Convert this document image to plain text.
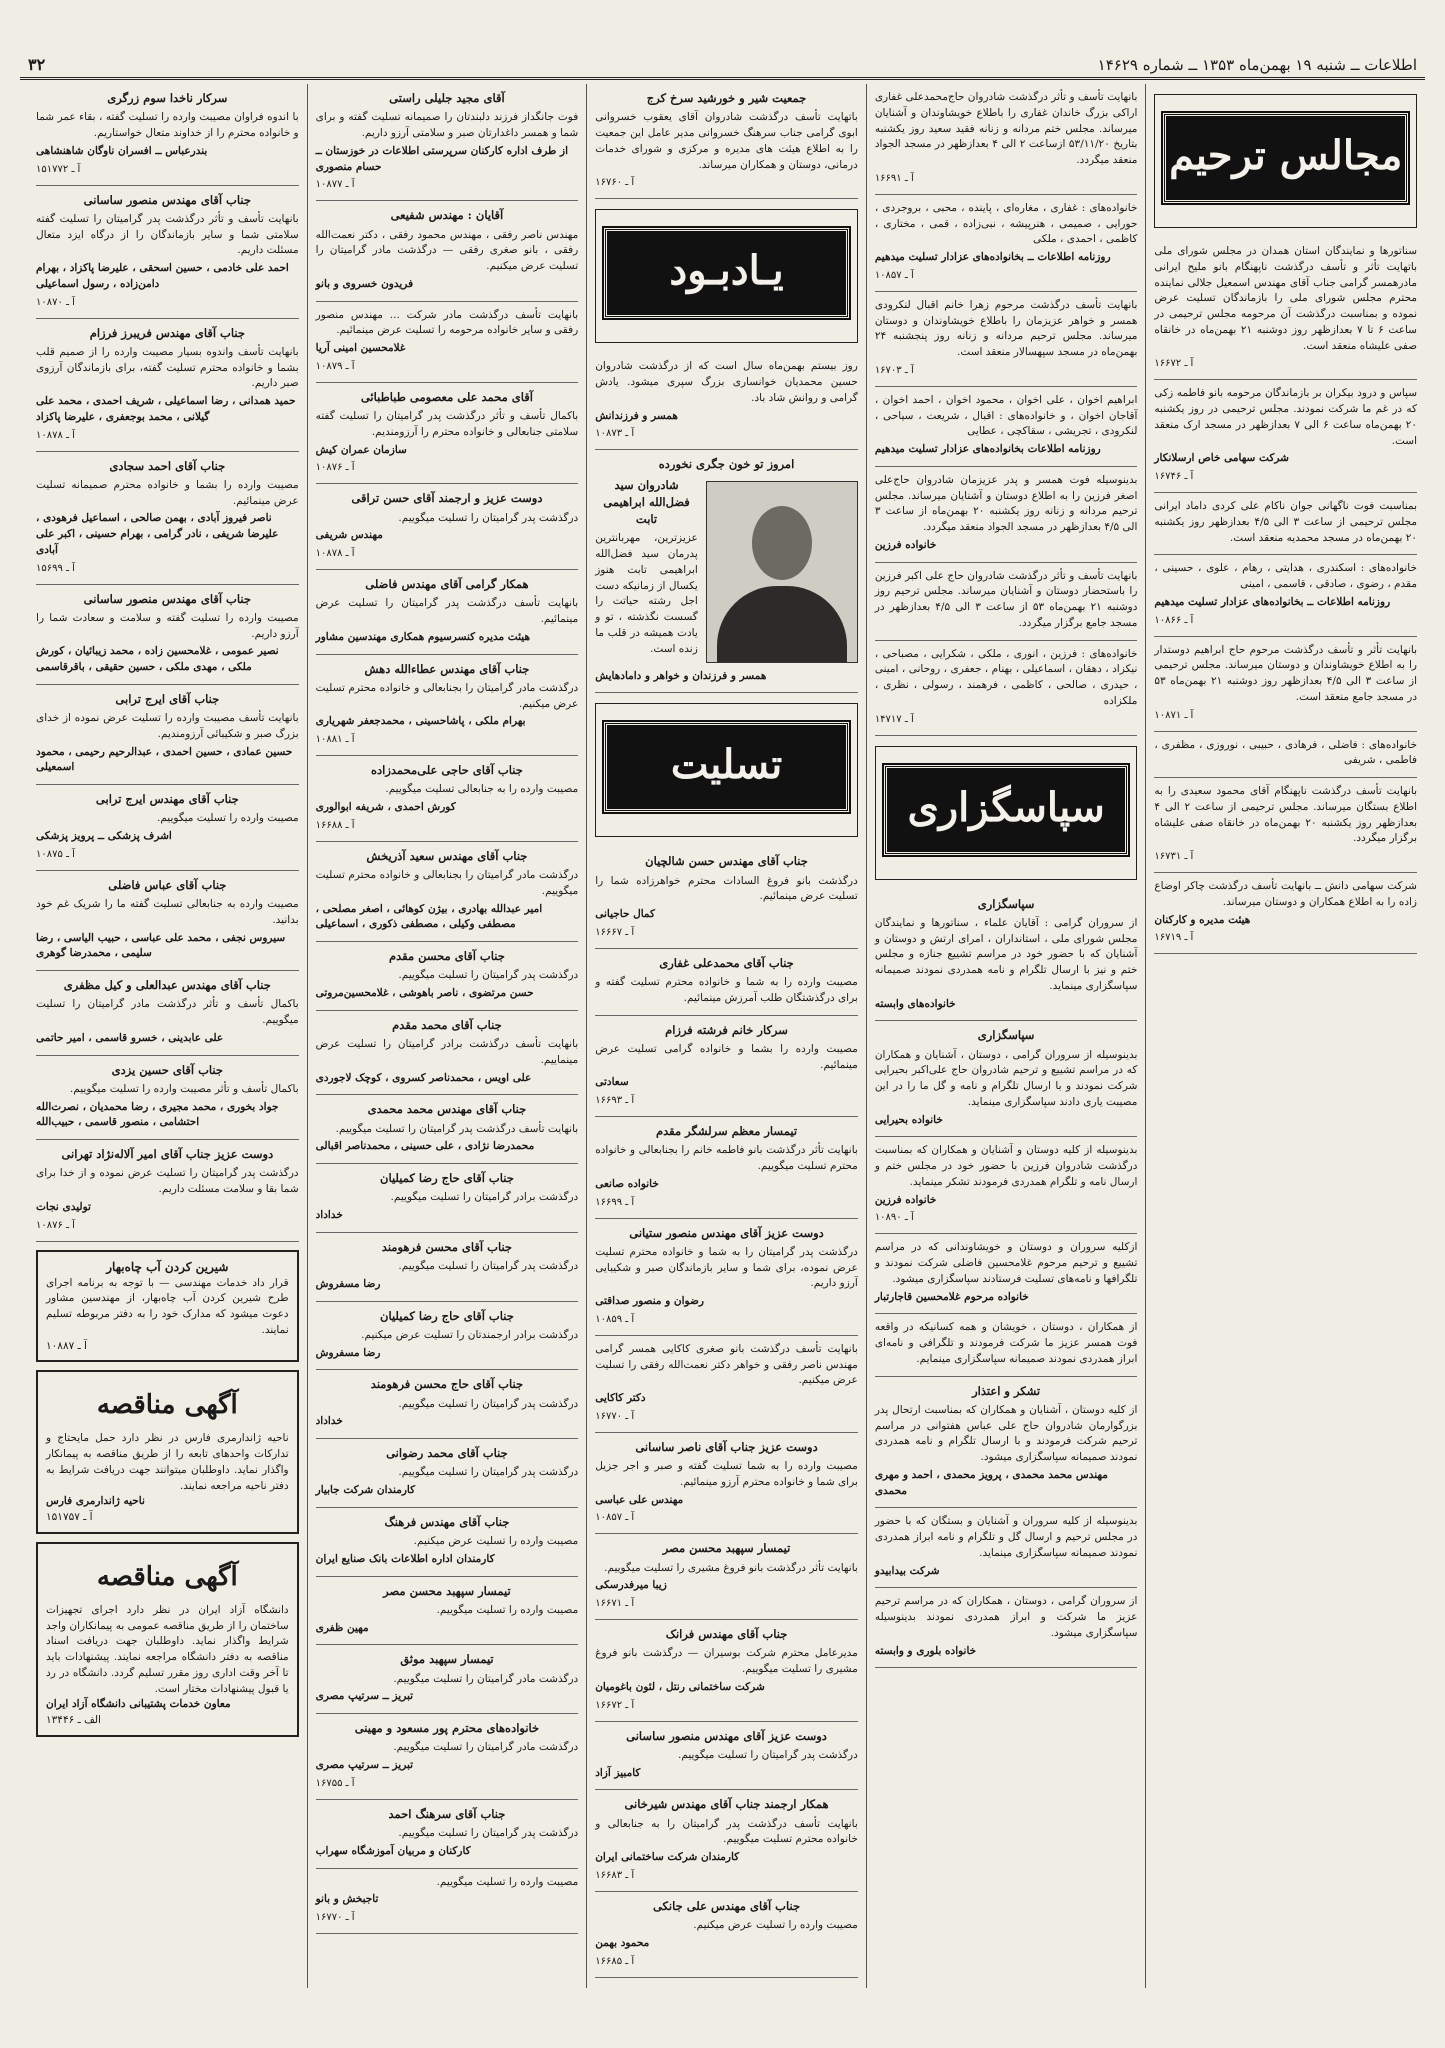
اطلاعات ــ شنبه ۱۹ بهمن‌ماه ۱۳۵۳ ــ شماره ۱۴۶۲۹
۳۲
مجالس ترحیم
سناتورها و نمایندگان استان همدان در مجلس شورای ملی باتهایت تأثر و تأسف درگذشت ناپهنگام بانو ملیح ایرانی مادرهمسر گرامی جناب آقای مهندس اسمعیل جلالی نماینده محترم مجلس شورای ملی را بازماندگان تسلیت عرض نموده و بمناسبت درگذشت آن مرحومه مجلس ترحیمی در ساعت ۶ تا ۷ بعدازظهر روز دوشنبه ۲۱ بهمن‌ماه در خانقاه صفی علیشاه منعقد است.
آ ـ ۱۶۶۷۲
سپاس و درود بیکران بر بازماندگان مرحومه بانو فاطمه زکی که در غم ما شرکت نمودند. مجلس ترحیمی در روز یکشنبه ۲۰ بهمن‌ماه ساعت ۶ الی ۷ بعدازظهر در مسجد ارک منعقد است.
شرکت سهامی خاص ارسلانکار
آ ـ ۱۶۷۴۶
بمناسبت فوت ناگهانی جوان ناکام علی کردی داماد ایرانی مجلس ترحیمی از ساعت ۳ الی ۴/۵ بعدازظهر روز یکشنبه ۲۰ بهمن‌ماه در مسجد محمدیه منعقد است.
خانواده‌های : اسکندری ، هدایتی ، رهام ، علوی ، حسینی ، مقدم ، رضوی ، صادقی ، قاسمی ، امینی
روزنامه اطلاعات ــ بخانواده‌های عزادار تسلیت میدهیم
آ ـ ۱۰۸۶۶
بانهایت تأثر و تأسف درگذشت مرحوم حاج ابراهیم دوستدار را به اطلاع خویشاوندان و دوستان میرساند. مجلس ترحیمی از ساعت ۳ الی ۴/۵ بعدازظهر روز دوشنبه ۲۱ بهمن‌ماه ۵۳ در مسجد جامع منعقد است.
آ ـ ۱۰۸۷۱
خانواده‌های : فاضلی ، فرهادی ، حبیبی ، نوروزی ، مظفری ، فاطمی ، شریفی
بانهایت تأسف درگذشت ناپهنگام آقای محمود سعیدی را به اطلاع بستگان میرساند. مجلس ترحیمی از ساعت ۲ الی ۴ بعدازظهر روز یکشنبه ۲۰ بهمن‌ماه در خانقاه صفی علیشاه برگزار میگردد.
آ ـ ۱۶۷۳۱
شرکت سهامی دانش ــ بانهایت تأسف درگذشت چاکر اوضاع زاده را به اطلاع همکاران و دوستان میرساند.
هیئت مدیره و کارکنان
آ ـ ۱۶۷۱۹
بانهایت تأسف و تأثر درگذشت شادروان حاج‌محمدعلی غفاری اراکی بزرگ خاندان غفاری را باطلاع خویشاوندان و آشنایان میرساند. مجلس ختم مردانه و زنانه فقید سعید روز یکشنبه بتاریخ ۵۳/۱۱/۲۰ ازساعت ۲ الی ۴ بعدازظهر در مسجد الجواد منعقد میگردد.
آ ـ ۱۶۶۹۱
خانواده‌های : غفاری ، مغاره‌ای ، پاینده ، محبی ، بروجردی ، حورایی ، صمیمی ، هنرپیشه ، نبی‌زاده ، قمی ، مختاری ، کاظمی ، احمدی ، ملکی
روزنامه اطلاعات ــ بخانواده‌های عزادار تسلیت میدهیم
آ ـ ۱۰۸۵۷
بانهایت تأسف درگذشت مرحوم زهرا خانم اقبال لنکرودی همسر و خواهر عزیزمان را باطلاع خویشاوندان و دوستان میرساند. مجلس ترحیم مردانه و زنانه روز پنجشنبه ۲۴ بهمن‌ماه در مسجد سپهسالار منعقد است.
آ ـ ۱۶۷۰۳
ابراهیم اخوان ، علی اخوان ، محمود اخوان ، احمد اخوان ، آقاجان اخوان ، و خانواده‌های : اقبال ، شریعت ، سیاحی ، لنکرودی ، تجریشی ، سقاکچی ، عطایی
روزنامه اطلاعات بخانواده‌های عزادار تسلیت میدهیم
بدینوسیله فوت همسر و پدر عزیزمان شادروان حاج‌علی اصغر فرزین را به اطلاع دوستان و آشنایان میرساند. مجلس ترحیم مردانه و زنانه روز یکشنبه ۲۰ بهمن‌ماه از ساعت ۳ الی ۴/۵ بعدازظهر در مسجد الجواد منعقد میگردد.
خانواده فرزین
بانهایت تأسف و تأثر درگذشت شادروان حاج علی اکبر فرزین را باستحضار دوستان و آشنایان میرساند. مجلس ترحیم روز دوشنبه ۲۱ بهمن‌ماه ۵۳ از ساعت ۳ الی ۴/۵ بعدازظهر در مسجد جامع برگزار میگردد.
خانواده‌های : فرزین ، انوری ، ملکی ، شکرایی ، مصباحی ، نیکزاد ، دهقان ، اسماعیلی ، بهنام ، جعفری ، روحانی ، امینی ، حیدری ، صالحی ، کاظمی ، فرهمند ، رسولی ، نظری ، ملکزاده
آ ـ ۱۴۷۱۷
سپاسگزاری
سپاسگزاری
از سروران گرامی : آقایان علماء ، سناتورها و نمایندگان مجلس شورای ملی ، استانداران ، امرای ارتش و دوستان و آشنایان که با حضور خود در مراسم تشییع جنازه و مجلس ختم و نیز با ارسال تلگرام و نامه همدردی نمودند صمیمانه سپاسگزاری مینماید.
خانواده‌های وابسته
سپاسگزاری
بدینوسیله از سروران گرامی ، دوستان ، آشنایان و همکاران که در مراسم تشییع و ترحیم شادروان حاج علی‌اکبر بحیرایی شرکت نمودند و با ارسال تلگرام و نامه و گل ما را در این مصیبت یاری دادند سپاسگزاری مینماید.
خانواده بحیرایی
بدینوسیله از کلیه دوستان و آشنایان و همکاران که بمناسبت درگذشت شادروان فرزین با حضور خود در مجلس ختم و ارسال نامه و تلگرام همدردی فرمودند تشکر مینماید.
خانواده فرزین
آ ـ ۱۰۸۹۰
ازکلیه سروران و دوستان و خویشاوندانی که در مراسم تشییع و ترحیم مرحوم غلامحسین فاضلی شرکت نمودند و تلگرافها و نامه‌های تسلیت فرستادند سپاسگزاری میشود.
خانواده مرحوم غلامحسین قاجارتبار
از همکاران ، دوستان ، خویشان و همه کسانیکه در واقعه فوت همسر عزیز ما شرکت فرمودند و تلگرافی و نامه‌ای ابراز همدردی نمودند صمیمانه سپاسگزاری مینمایم.
تشکر و اعتذار
از کلیه دوستان ، آشنایان و همکاران که بمناسبت ارتحال پدر بزرگوارمان شادروان حاج علی عباس هفتوانی در مراسم ترحیم شرکت فرمودند و با ارسال تلگرام و نامه همدردی نمودند صمیمانه سپاسگزاری میشود.
مهندس محمد محمدی ، پرویز محمدی ، احمد و مهری محمدی
بدینوسیله از کلیه سروران و آشنایان و بستگان که با حضور در مجلس ترحیم و ارسال گل و تلگرام و نامه ابراز همدردی نمودند صمیمانه سپاسگزاری مینماید.
شرکت بیدابیدو
از سروران گرامی ، دوستان ، همکاران که در مراسم ترحیم عزیز ما شرکت و ابراز همدردی نمودند بدینوسیله سپاسگزاری میشود.
خانواده بلوری و وابسته
جمعیت شیر و خورشید سرخ کرج
باتهایت تأسف درگذشت شادروان آقای یعقوب خسروانی ابوی گرامی جناب سرهنگ خسروانی مدیر عامل این جمعیت را به اطلاع هیئت های مدیره و مرکزی و شورای خدمات درمانی، دوستان و همکاران میرساند.
آ ـ ۱۶۷۶۰
یـادبـود
روز بیستم بهمن‌ماه سال است که از درگذشت شادروان حسین محمدیان خوانساری بزرگ سپری میشود. یادش گرامی و روانش شاد باد.
همسر و فرزندانش
آ ـ ۱۰۸۷۳
امروز تو خون جگری نخورده
شادروان سید فضل‌الله ابراهیمی تابت
عزیزترین، مهربانترین پدرمان سید فضل‌الله ابراهیمی تابت هنوز یکسال از زمانیکه دست اجل رشته حیاتت را گسست نگذشته ، تو و یادت همیشه در قلب ما زنده است.
همسر و فرزندان و خواهر و دامادهایش
تسلیت
جناب آقای مهندس حسن شالچیان
درگذشت بانو فروغ السادات محترم خواهرزاده شما را تسلیت عرض مینمائیم.
کمال حاجیانی
آ ـ ۱۶۶۶۷
جناب آقای محمدعلی غفاری
مصیبت وارده را به شما و خانواده محترم تسلیت گفته و برای درگذشتگان طلب آمرزش مینمائیم.
سرکار خانم فرشته فرزام
مصیبت وارده را بشما و خانواده گرامی تسلیت عرض مینمائیم.
سعادتی
آ ـ ۱۶۶۹۳
تیمسار معظم سرلشگر مقدم
بانهایت تأثر درگذشت بانو فاطمه خانم را بجنابعالی و خانواده محترم تسلیت میگوییم.
خانواده صانعی
آ ـ ۱۶۶۹۹
دوست عزیز آقای مهندس منصور ستیانی
درگذشت پدر گرامیتان را به شما و خانواده محترم تسلیت عرض نموده، برای شما و سایر بازماندگان صبر و شکیبایی آرزو داریم.
رضوان و منصور صداقتی
آ ـ ۱۰۸۵۹
بانهایت تأسف درگذشت بانو صغری کاکایی همسر گرامی مهندس ناصر رفقی و خواهر دکتر نعمت‌الله رفقی را تسلیت عرض میکنیم.
دکتر کاکایی
آ ـ ۱۶۷۷۰
دوست عزیز جناب آقای ناصر ساسانی
مصیبت وارده را به شما تسلیت گفته و صبر و اجر جزیل برای شما و خانواده محترم آرزو مینمائیم.
مهندس علی عباسی
آ ـ ۱۰۸۵۷
تیمسار سپهبد محسن مصر
بانهایت تأثر درگذشت بانو فروغ مشیری را تسلیت میگوییم.
زیبا میرفدرسکی
آ ـ ۱۶۶۷۱
جناب آقای مهندس فرانک
مدیرعامل محترم شرکت بوسیران — درگذشت بانو فروغ مشیری را تسلیت میگوییم.
شرکت ساختمانی رنتل ، لئون باغومیان
آ ـ ۱۶۶۷۲
دوست عزیز آقای مهندس منصور ساسانی
درگذشت پدر گرامیتان را تسلیت میگوییم.
کامبیز آزاد
همکار ارجمند جناب آقای مهندس شیرخانی
بانهایت تأسف درگذشت پدر گرامیتان را به جنابعالی و خانواده محترم تسلیت میگوییم.
کارمندان شرکت ساختمانی ایران
آ ـ ۱۶۶۸۳
جناب آقای مهندس علی جانکی
مصیبت وارده را تسلیت عرض میکنیم.
محمود بهمن
آ ـ ۱۶۶۸۵
آقای مجید جلیلی راستی
فوت جانگداز فرزند دلبندتان را صمیمانه تسلیت گفته و برای شما و همسر داغدارتان صبر و سلامتی آرزو داریم.
از طرف اداره کارکنان سرپرستی اطلاعات در خوزستان ــ حسام منصوری
آ ـ ۱۰۸۷۷
آقایان : مهندس شفیعی
مهندس ناصر رفقی ، مهندس محمود رفقی ، دکتر نعمت‌الله رفقی ، بانو صغری رفقی — درگذشت مادر گرامیتان را تسلیت عرض میکنیم.
فریدون خسروی و بانو
بانهایت تأسف درگذشت مادر شرکت ... مهندس منصور رفقی و سایر خانواده مرحومه را تسلیت عرض مینمائیم.
غلامحسین امینی آریا
آ ـ ۱۰۸۷۹
آقای محمد علی معصومی طباطبائی
باکمال تأسف و تأثر درگذشت پدر گرامیتان را تسلیت گفته سلامتی جنابعالی و خانواده محترم را آرزومندیم.
سازمان عمران کیش
آ ـ ۱۰۸۷۶
دوست عزیز و ارجمند آقای حسن تراقی
درگذشت پدر گرامیتان را تسلیت میگوییم.
مهندس شریفی
آ ـ ۱۰۸۷۸
همکار گرامی آقای مهندس فاضلی
بانهایت تأسف درگذشت پدر گرامیتان را تسلیت عرض مینمائیم.
هیئت مدیره کنسرسیوم همکاری مهندسین مشاور
جناب آقای مهندس عطاءالله دهش
درگذشت مادر گرامیتان را بجنابعالی و خانواده محترم تسلیت عرض میکنیم.
بهرام ملکی ، پاشاحسینی ، محمدجعفر شهریاری
آ ـ ۱۰۸۸۱
جناب آقای حاجی علی‌محمدزاده
مصیبت وارده را به جنابعالی تسلیت میگوییم.
کورش احمدی ، شریفه ابوالوری
آ ـ ۱۶۶۸۸
جناب آقای مهندس سعید آذریخش
درگذشت مادر گرامیتان را بجنابعالی و خانواده محترم تسلیت میگوییم.
امیر عبدالله بهادری ، بیژن کوهائی ، اصغر مصلحی ، مصطفی وکیلی ، مصطفی ذکوری ، اسماعیلی
جناب آقای محسن مقدم
درگذشت پدر گرامیتان را تسلیت میگوییم.
حسن مرتضوی ، ناصر باهوشی ، غلامحسین‌مروتی
جناب آقای محمد مقدم
بانهایت تأسف درگذشت برادر گرامیتان را تسلیت عرض مینماییم.
علی اویس ، محمدناصر کسروی ، کوچک لاجوردی
جناب آقای مهندس محمد محمدی
بانهایت تأسف درگذشت پدر گرامیتان را تسلیت میگوییم.
محمدرضا نژادی ، علی حسینی ، محمدناصر اقبالی
جناب آقای حاج رضا کمیلیان
درگذشت برادر گرامیتان را تسلیت میگوییم.
خداداد
جناب آقای محسن فرهومند
درگذشت پدر گرامیتان را تسلیت میگوییم.
رضا مسفروش
جناب آقای حاج رضا کمیلیان
درگذشت برادر ارجمندتان را تسلیت عرض میکنیم.
رضا مسفروش
جناب آقای حاج محسن فرهومند
درگذشت پدر گرامیتان را تسلیت میگوییم.
خداداد
جناب آقای محمد رضوانی
درگذشت پدر گرامیتان را تسلیت میگوییم.
کارمندان شرکت جابیار
جناب آقای مهندس فرهنگ
مصیبت وارده را تسلیت عرض میکنیم.
کارمندان اداره اطلاعات بانک صنایع ایران
تیمسار سپهبد محسن مصر
مصیبت وارده را تسلیت میگوییم.
مهین ظفری
تیمسار سپهبد موثق
درگذشت مادر گرامیتان را تسلیت میگوییم.
تبریز ــ سرتیپ مصری
خانواده‌های محترم پور مسعود و مهینی
درگذشت مادر گرامیتان را تسلیت میگوییم.
تبریز ــ سرتیپ مصری
آ ـ ۱۶۷۵۵
جناب آقای سرهنگ احمد
درگذشت پدر گرامیتان را تسلیت میگوییم.
کارکنان و مربیان آموزشگاه سهراب
مصیبت وارده را تسلیت میگوییم.
تاجبخش و بانو
آ ـ ۱۶۷۷۰
سرکار ناخدا سوم زرگری
با اندوه فراوان مصیبت وارده را تسلیت گفته ، بقاء عمر شما و خانواده محترم را از خداوند متعال خواستاریم.
بندرعباس ــ افسران ناوگان شاهنشاهی
آ ـ ۱۵۱۷۷۲
جناب آقای مهندس منصور ساسانی
بانهایت تأسف و تأثر درگذشت پدر گرامیتان را تسلیت گفته سلامتی شما و سایر بازماندگان را از درگاه ایزد متعال مسئلت داریم.
احمد علی خادمی ، حسین اسحقی ، علیرضا پاکزاد ، بهرام دامن‌زاده ، رسول اسماعیلی
آ ـ ۱۰۸۷۰
جناب آقای مهندس فریبرز فرزام
بانهایت تأسف واندوه بسیار مصیبت وارده را از صمیم قلب بشما و خانواده محترم تسلیت گفته، برای بازماندگان آرزوی صبر داریم.
حمید همدانی ، رضا اسماعیلی ، شریف احمدی ، محمد علی گیلانی ، محمد بوجعفری ، علیرضا پاکزاد
آ ـ ۱۰۸۷۸
جناب آقای احمد سجادی
مصیبت وارده را بشما و خانواده محترم صمیمانه تسلیت عرض مینمائیم.
ناصر فیروز آبادی ، بهمن صالحی ، اسماعیل فرهودی ، علیرضا شریفی ، نادر گرامی ، بهرام حسینی ، اکبر علی آبادی
آ ـ ۱۵۶۹۹
جناب آقای مهندس منصور ساسانی
مصیبت وارده را تسلیت گفته و سلامت و سعادت شما را آرزو داریم.
نصیر عمومی ، غلامحسین زاده ، محمد زیبائیان ، کورش ملکی ، مهدی ملکی ، حسین حقیقی ، باقرقاسمی
جناب آقای ایرج ترابی
بانهایت تأسف مصیبت وارده را تسلیت عرض نموده از خدای بزرگ صبر و شکیبائی آرزومندیم.
حسین عمادی ، حسین احمدی ، عبدالرحیم رحیمی ، محمود اسمعیلی
جناب آقای مهندس ایرج ترابی
مصیبت وارده را تسلیت میگوییم.
اشرف پزشکی ــ پرویز پزشکی
آ ـ ۱۰۸۷۵
جناب آقای عباس فاضلی
مصیبت وارده به جنابعالی تسلیت گفته ما را شریک غم خود بدانید.
سیروس نجفی ، محمد علی عباسی ، حبیب الیاسی ، رضا سلیمی ، محمدرضا گوهری
جناب آقای مهندس عبدالعلی و کیل مظفری
باکمال تأسف و تأثر درگذشت مادر گرامیتان را تسلیت میگوییم.
علی عابدینی ، خسرو قاسمی ، امیر حاتمی
جناب آقای حسین یزدی
باکمال تأسف و تأثر مصیبت وارده را تسلیت میگوییم.
جواد بخوری ، محمد مجیری ، رضا محمدیان ، نصرت‌الله احتشامی ، منصور قاسمی ، حبیب‌الله
دوست عزیز جناب آقای امیر آلاله‌نژاد تهرانی
درگذشت پدر گرامیتان را تسلیت عرض نموده و از خدا برای شما بقا و سلامت مسئلت داریم.
تولیدی نجات
آ ـ ۱۰۸۷۶
شیرین کردن آب چاه‌بهار
قرار داد خدمات مهندسی — با توجه به برنامه اجرای طرح شیرین کردن آب چاه‌بهار، از مهندسین مشاور دعوت میشود که مدارک خود را به دفتر مربوطه تسلیم نمایند.
آ ـ ۱۰۸۸۷
آگهی مناقصه
ناحیه ژاندارمری فارس در نظر دارد حمل مایحتاج و تدارکات واحدهای تابعه را از طریق مناقصه به پیمانکار واگذار نماید. داوطلبان میتوانند جهت دریافت شرایط به دفتر ناحیه مراجعه نمایند.
ناحیه ژاندارمری فارس
آ ـ ۱۵۱۷۵۷
آگهی مناقصه
دانشگاه آزاد ایران در نظر دارد اجرای تجهیزات ساختمان را از طریق مناقصه عمومی به پیمانکاران واجد شرایط واگذار نماید. داوطلبان جهت دریافت اسناد مناقصه به دفتر دانشگاه مراجعه نمایند. پیشنهادات باید تا آخر وقت اداری روز مقرر تسلیم گردد. دانشگاه در رد یا قبول پیشنهادات مختار است.
معاون خدمات پشتیبانی دانشگاه آزاد ایران
الف ـ ۱۳۴۴۶
